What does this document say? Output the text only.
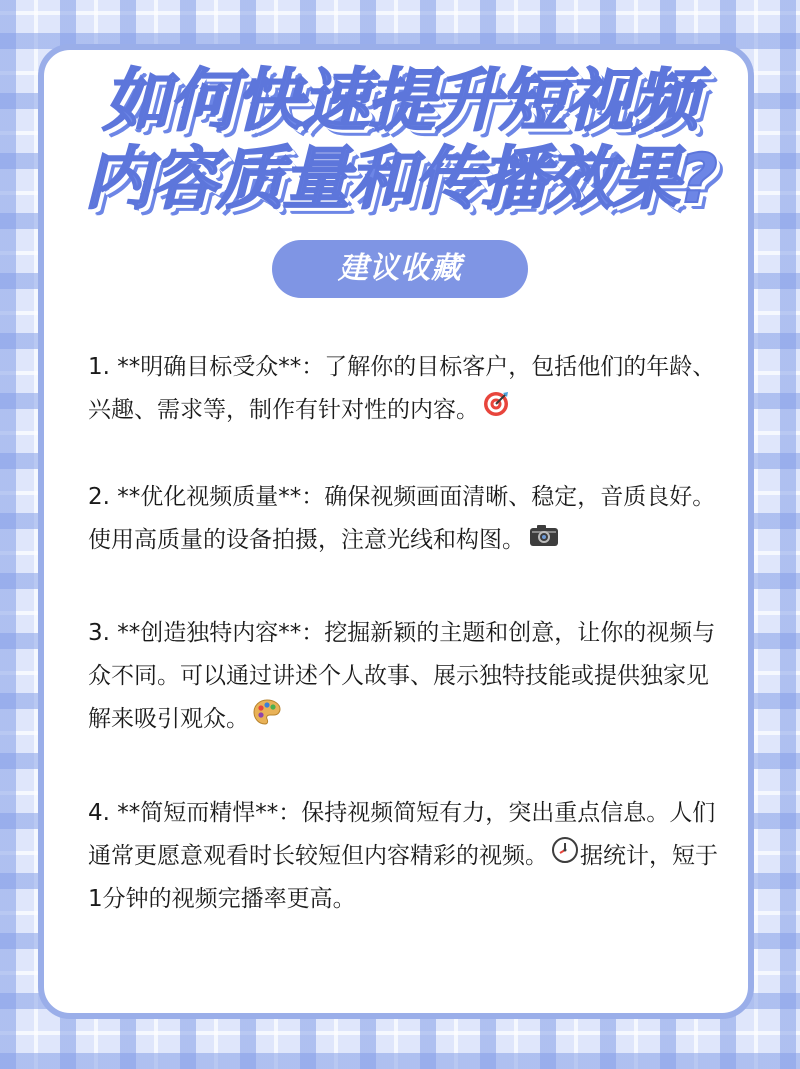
如何快速提升短视频
内容质量和传播效果?
建议收藏
1. **明确目标受众**：了解你的目标客户，包括他们的年龄、兴趣、需求等，制作有针对性的内容。
2. **优化视频质量**：确保视频画面清晰、稳定，音质良好。使用高质量的设备拍摄，注意光线和构图。
3. **创造独特内容**：挖掘新颖的主题和创意，让你的视频与众不同。可以通过讲述个人故事、展示独特技能或提供独家见解来吸引观众。
4. **简短而精悍**：保持视频简短有力，突出重点信息。人们通常更愿意观看时长较短但内容精彩的视频。 据统计，短于1分钟的视频完播率更高。
